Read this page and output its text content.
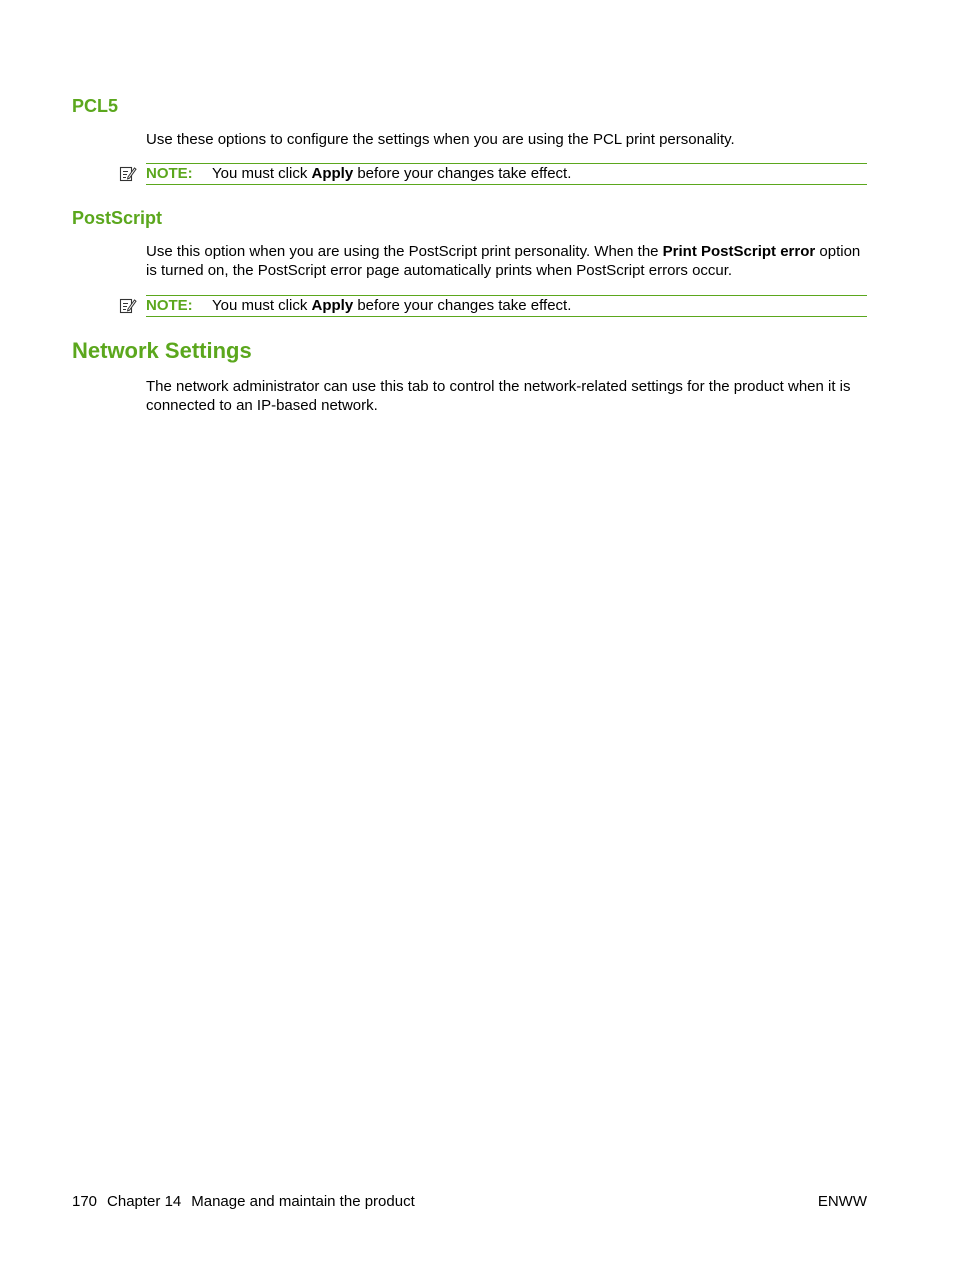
PCL5

Use these options to configure the settings when you are using the PCL print personality.

NOTE: You must click Apply before your changes take effect.
PostScript

Use this option when you are using the PostScript print personality. When the Print PostScript error option is turned on, the PostScript error page automatically prints when PostScript errors occur.

NOTE: You must click Apply before your changes take effect.
Network Settings

The network administrator can use this tab to control the network-related settings for the product when it is connected to an IP-based network.

170 Chapter 14 Manage and maintain the product	ENWW
